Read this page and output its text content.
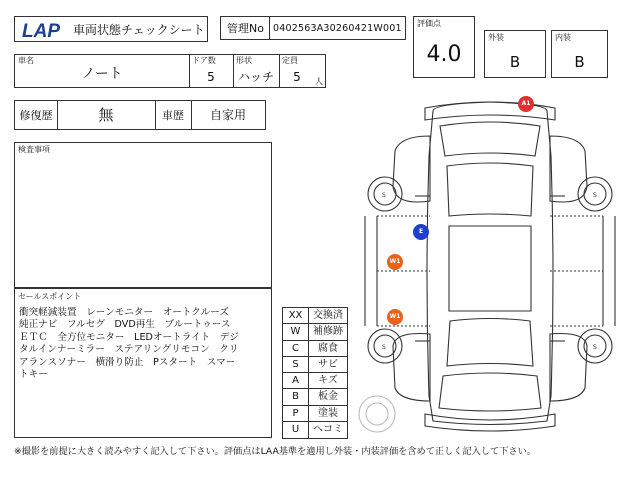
LAP 車両状態チェックシート 管理No 0402563A30260421W001 評価点
4.0
外装
B
内装
B
車名
ノート
ドア数
5
形状
ハッチ
定員
5	人
修復歴	無	車歴	自家用
検査事項
セールスポイント
衝突軽減装置　レーンモニター　オートクルーズ
純正ナビ　フルセグ　DVD再生　ブルートゥース
ＥＴＣ　全方位モニター　LEDオートライト　デジ
タルインナーミラー　ステアリングリモコン　クリ
アランスソナー　横滑り防止　Pスタート　スマー
トキー
XX	交換済
W	補修跡
C	腐食
S	サビ
A	キズ
B	板金
P	塗装
U	ヘコミ
S	S
S	S
A1
E
W1
W1
※撮影を前提に大きく読みやすく記入して下さい。評価点はLAA基準を適用し外装・内装評価を含めて正しく記入して下さい。
